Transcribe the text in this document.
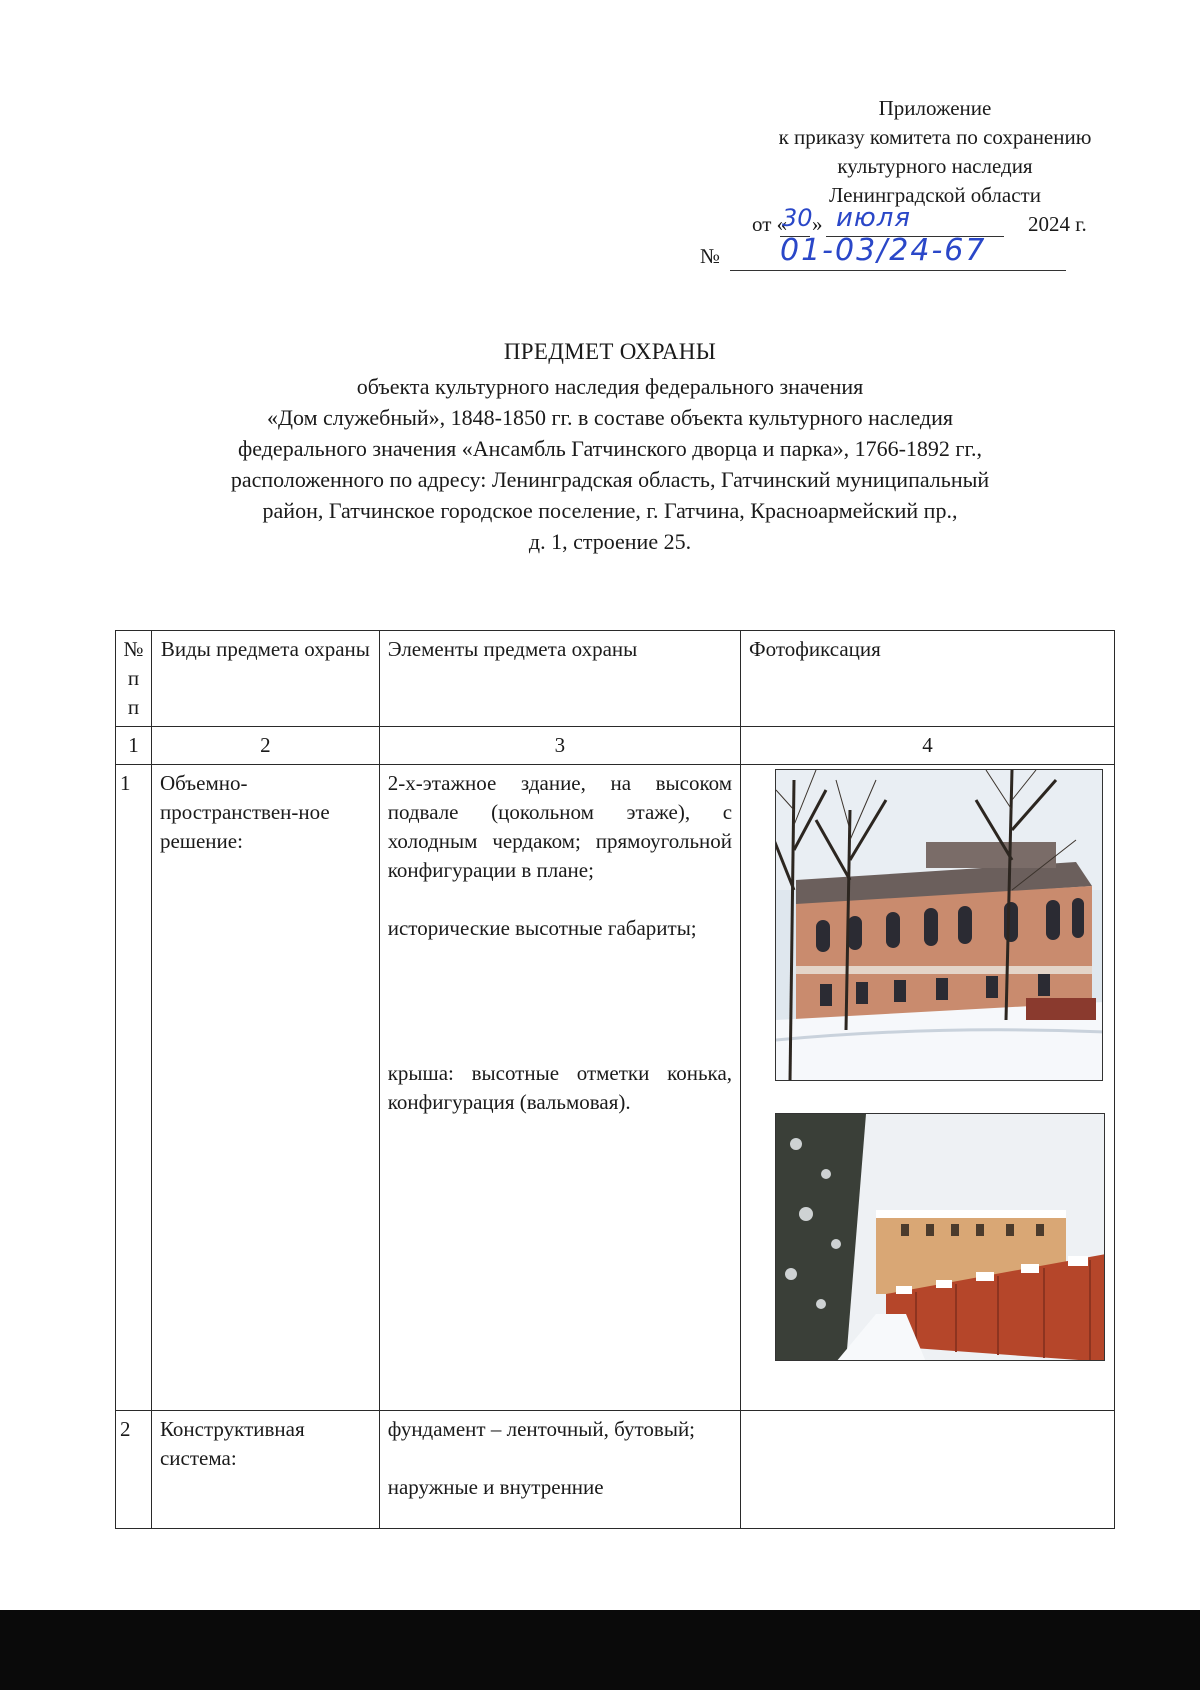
Приложение
к приказу комитета по сохранению
культурного наследия
Ленинградской области
от «
30 » июля	2024 г.
№ 01-03/24-67
ПРЕДМЕТ ОХРАНЫ
объекта культурного наследия федерального значения
«Дом служебный», 1848-1850 гг. в составе объекта культурного наследия
федерального значения «Ансамбль Гатчинского дворца и парка», 1766-1892 гг.,
расположенного по адресу: Ленинградская область, Гатчинский муниципальный
район, Гатчинское городское поселение, г. Гатчина, Красноармейский пр.,
д. 1, строение 25.
№
п
п	Виды предмета охраны	Элементы предмета охраны	Фотофиксация
1	2	3	4
1	Объемно-пространствен-ное решение:	2-х-этажное здание, на высоком подвале (цокольном этаже), с холодным чердаком; прямоугольной конфигурации в плане;
исторические высотные габариты;
крыша: высотные отметки конька, конфигурация (вальмовая).

2	Конструктивная система:	фундамент – ленточный, бутовый;
наружные и внутренние	
